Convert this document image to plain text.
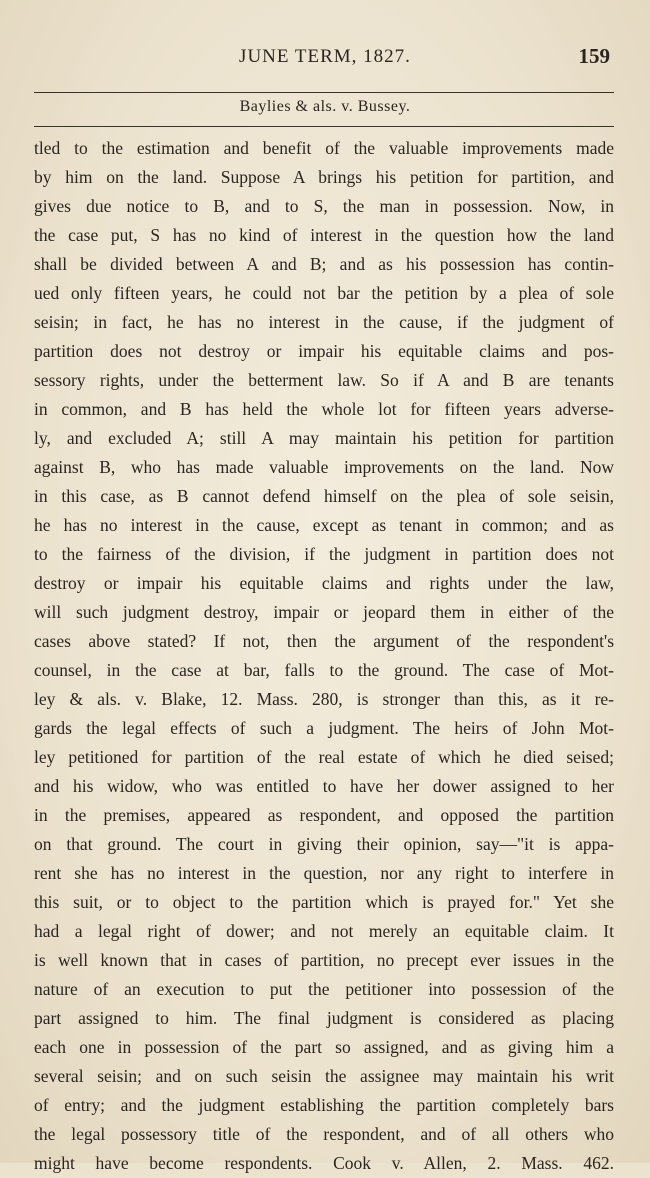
JUNE TERM, 1827.	159
Baylies & als. v. Bussey.
tled to the estimation and benefit of the valuable improvements made
by him on the land. Suppose A brings his petition for partition, and
gives due notice to B, and to S, the man in possession. Now, in
the case put, S has no kind of interest in the question how the land
shall be divided between A and B; and as his possession has contin-
ued only fifteen years, he could not bar the petition by a plea of sole
seisin; in fact, he has no interest in the cause, if the judgment of
partition does not destroy or impair his equitable claims and pos-
sessory rights, under the betterment law. So if A and B are tenants
in common, and B has held the whole lot for fifteen years adverse-
ly, and excluded A; still A may maintain his petition for partition
against B, who has made valuable improvements on the land. Now
in this case, as B cannot defend himself on the plea of sole seisin,
he has no interest in the cause, except as tenant in common; and as
to the fairness of the division, if the judgment in partition does not
destroy or impair his equitable claims and rights under the law,
will such judgment destroy, impair or jeopard them in either of the
cases above stated? If not, then the argument of the respondent's
counsel, in the case at bar, falls to the ground. The case of Mot-
ley & als. v. Blake, 12. Mass. 280, is stronger than this, as it re-
gards the legal effects of such a judgment. The heirs of John Mot-
ley petitioned for partition of the real estate of which he died seised;
and his widow, who was entitled to have her dower assigned to her
in the premises, appeared as respondent, and opposed the partition
on that ground. The court in giving their opinion, say—"it is appa-
rent she has no interest in the question, nor any right to interfere in
this suit, or to object to the partition which is prayed for." Yet she
had a legal right of dower; and not merely an equitable claim. It
is well known that in cases of partition, no precept ever issues in the
nature of an execution to put the petitioner into possession of the
part assigned to him. The final judgment is considered as placing
each one in possession of the part so assigned, and as giving him a
several seisin; and on such seisin the assignee may maintain his writ
of entry; and the judgment establishing the partition completely bars
the legal possessory title of the respondent, and of all others who
might have become respondents. Cook v. Allen, 2. Mass. 462.
